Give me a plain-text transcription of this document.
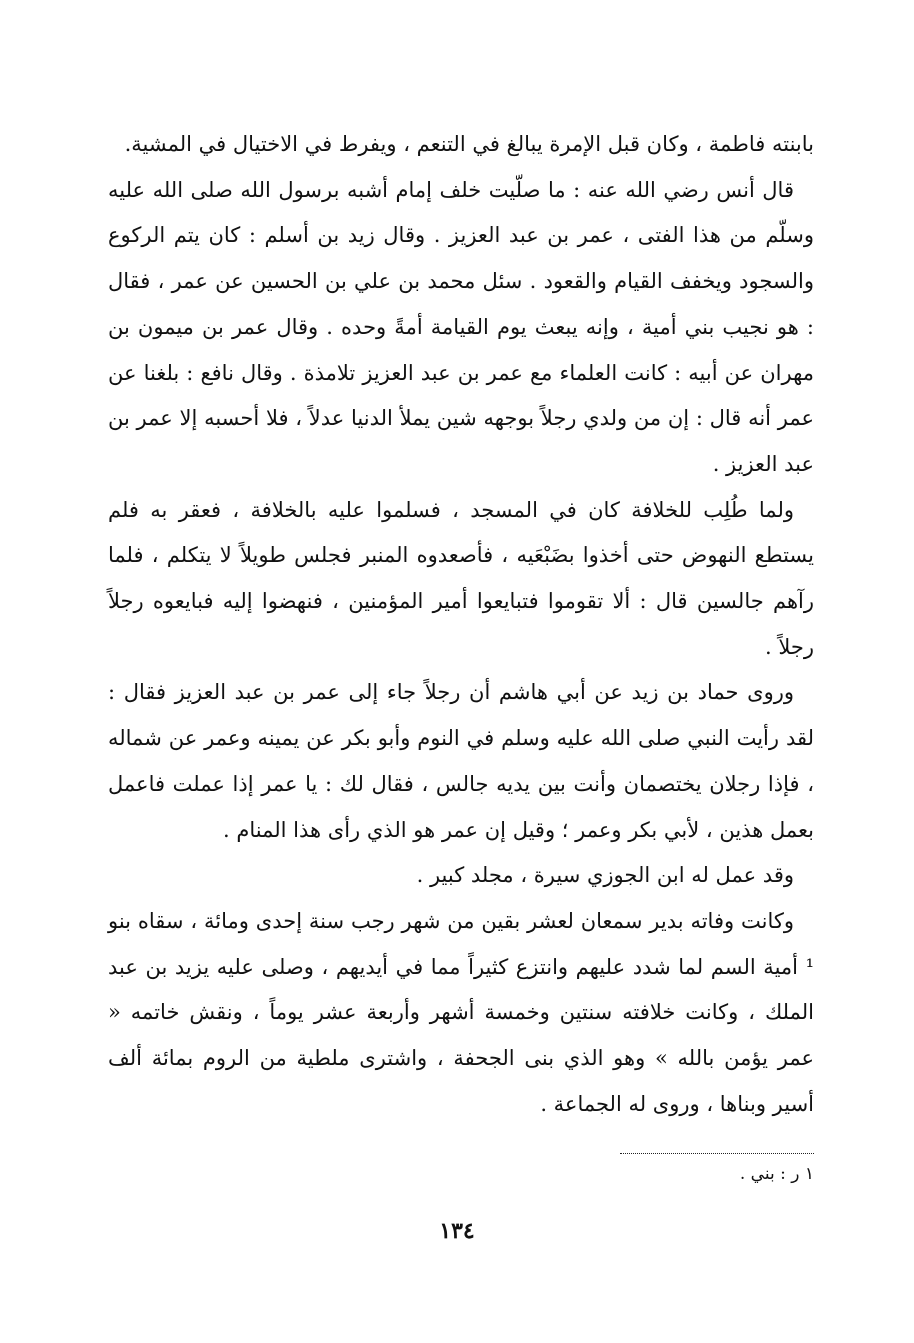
بابنته فاطمة ، وكان قبل الإمرة يبالغ في التنعم ، ويفرط في الاختيال في المشية.

قال أنس رضي الله عنه : ما صلّيت خلف إمام أشبه برسول الله صلى الله عليه وسلّم من هذا الفتى ، عمر بن عبد العزيز . وقال زيد بن أسلم : كان يتم الركوع والسجود ويخفف القيام والقعود . سئل محمد بن علي بن الحسين عن عمر ، فقال : هو نجيب بني أمية ، وإنه يبعث يوم القيامة أمةً وحده . وقال عمر بن ميمون بن مهران عن أبيه : كانت العلماء مع عمر بن عبد العزيز تلامذة . وقال نافع : بلغنا عن عمر أنه قال : إن من ولدي رجلاً بوجهه شين يملأ الدنيا عدلاً ، فلا أحسبه إلا عمر بن عبد العزيز .

ولما طُلِب للخلافة كان في المسجد ، فسلموا عليه بالخلافة ، فعقر به فلم يستطع النهوض حتى أخذوا بضَبْعَيه ، فأصعدوه المنبر فجلس طويلاً لا يتكلم ، فلما رآهم جالسين قال : ألا تقوموا فتبايعوا أمير المؤمنين ، فنهضوا إليه فبايعوه رجلاً رجلاً .

وروى حماد بن زيد عن أبي هاشم أن رجلاً جاء إلى عمر بن عبد العزيز فقال : لقد رأيت النبي صلى الله عليه وسلم في النوم وأبو بكر عن يمينه وعمر عن شماله ، فإذا رجلان يختصمان وأنت بين يديه جالس ، فقال لك : يا عمر إذا عملت فاعمل بعمل هذين ، لأبي بكر وعمر ؛ وقيل إن عمر هو الذي رأى هذا المنام .

وقد عمل له ابن الجوزي سيرة ، مجلد كبير .

وكانت وفاته بدير سمعان لعشر بقين من شهر رجب سنة إحدى ومائة ، سقاه بنو ¹ أمية السم لما شدد عليهم وانتزع كثيراً مما في أيديهم ، وصلى عليه يزيد بن عبد الملك ، وكانت خلافته سنتين وخمسة أشهر وأربعة عشر يوماً ، ونقش خاتمه « عمر يؤمن بالله » وهو الذي بنى الجحفة ، واشترى ملطية من الروم بمائة ألف أسير وبناها ، وروى له الجماعة .

١ ر : بني .
١٣٤
